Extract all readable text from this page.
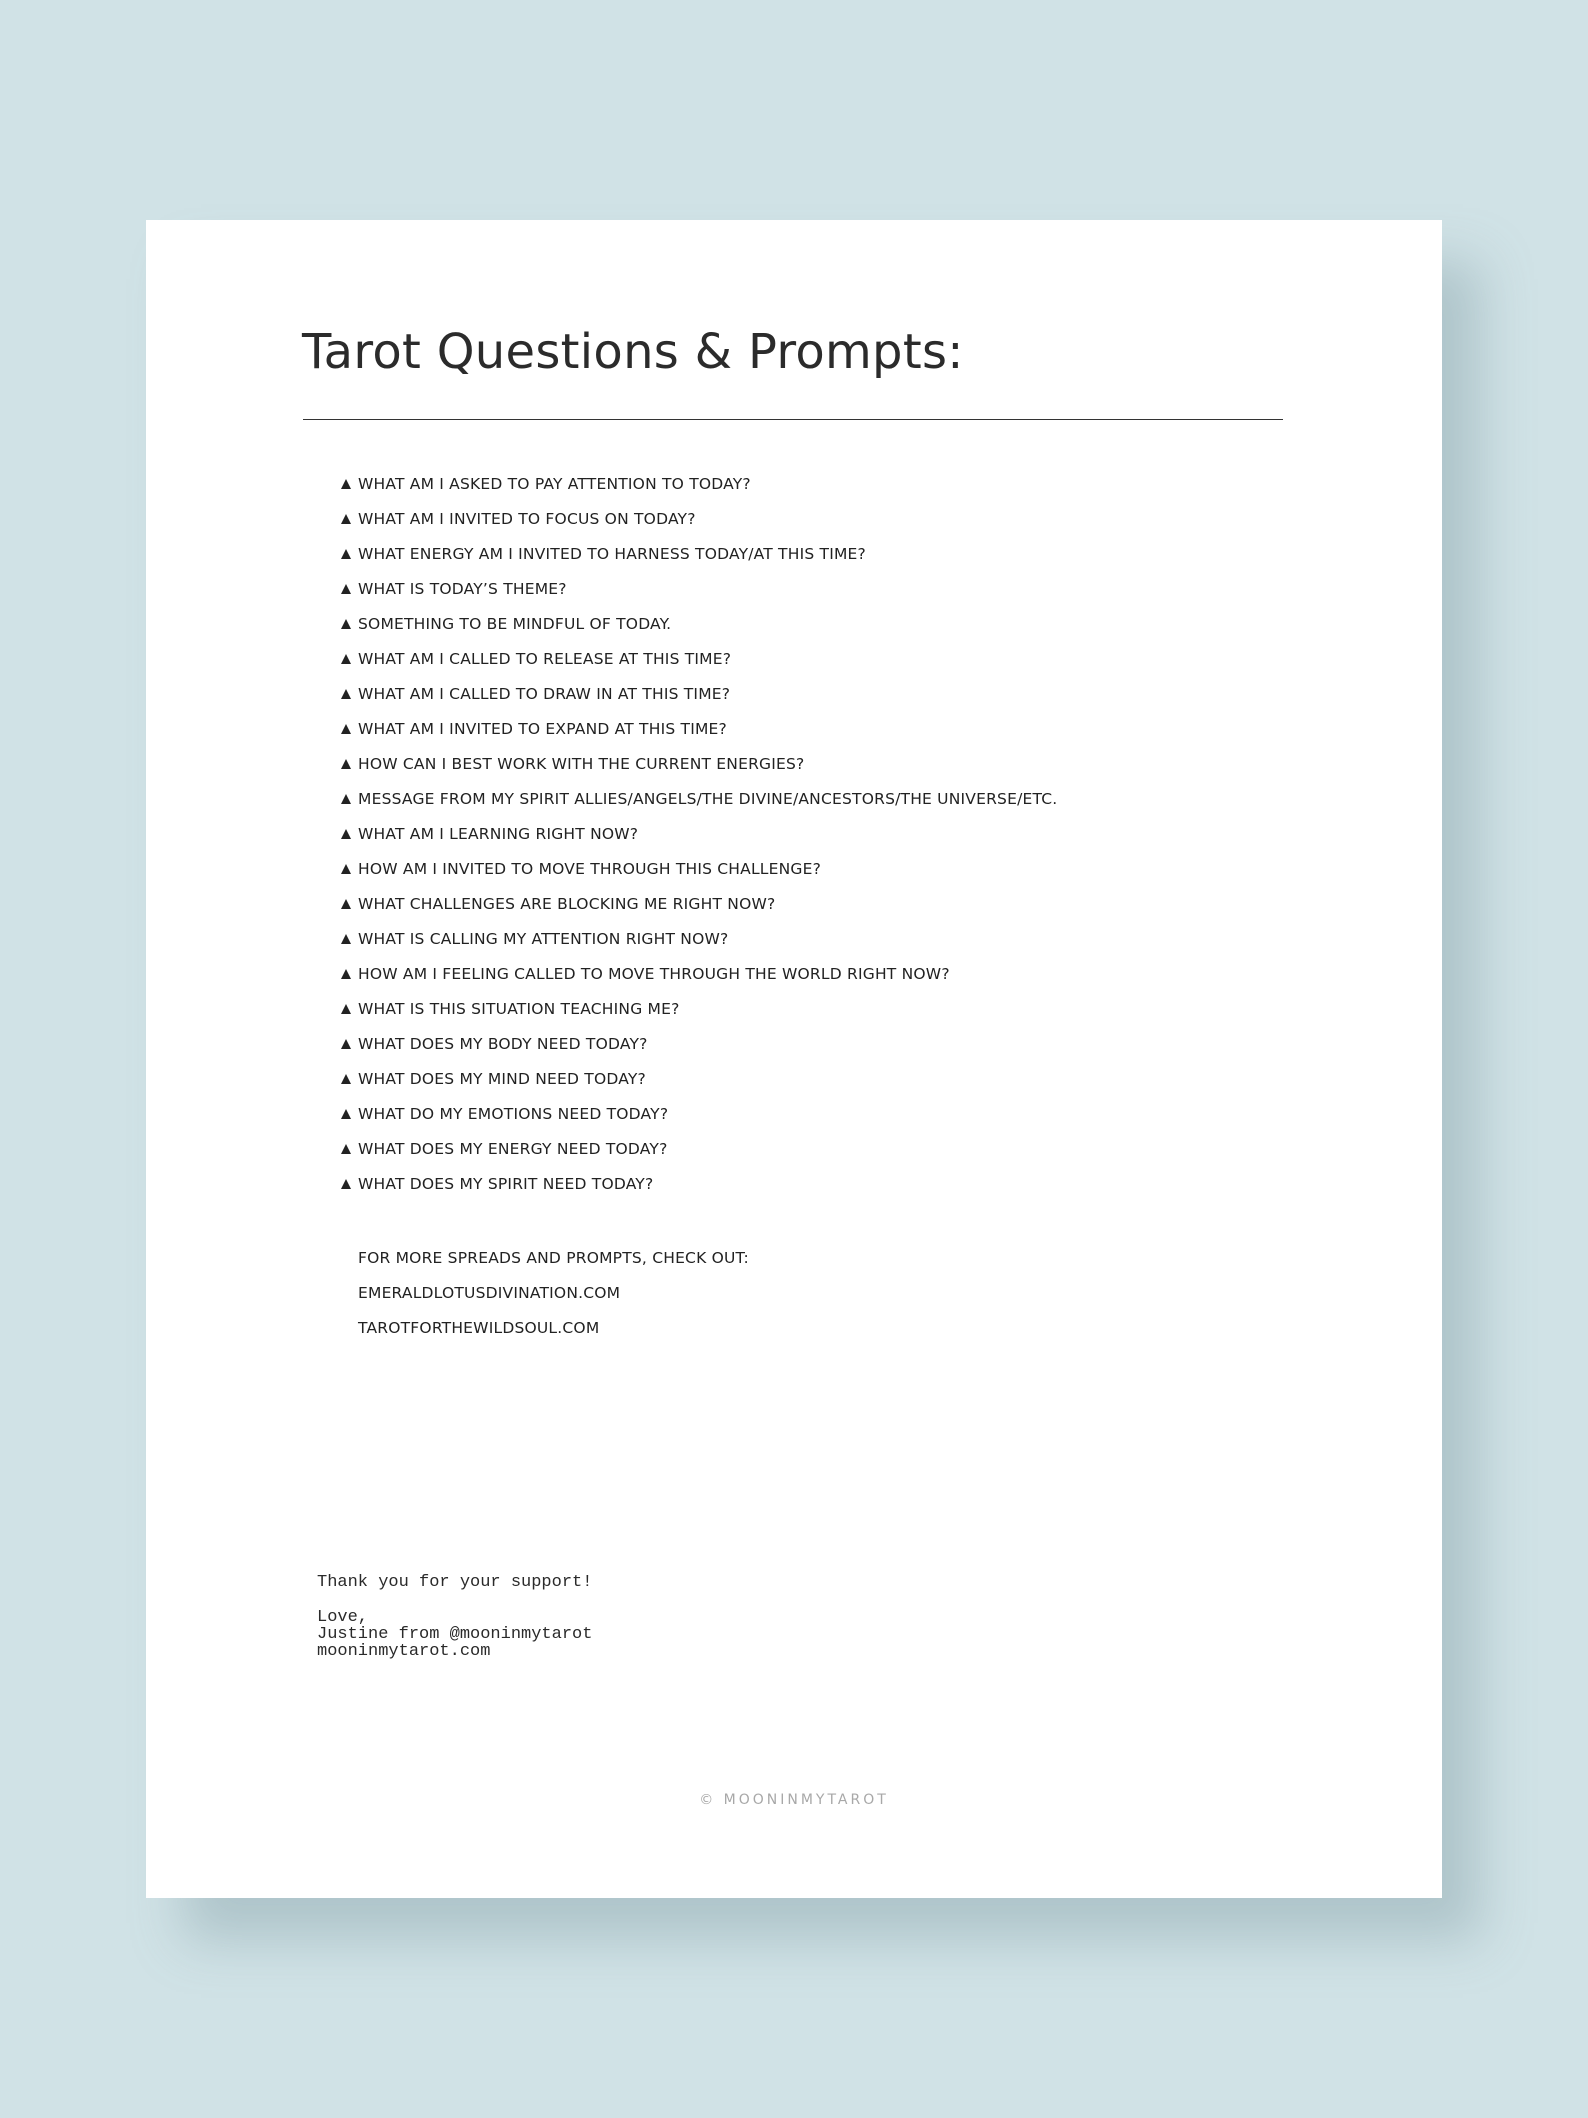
Tarot Questions & Prompts:
WHAT AM I ASKED TO PAY ATTENTION TO TODAY?
WHAT AM I INVITED TO FOCUS ON TODAY?
WHAT ENERGY AM I INVITED TO HARNESS TODAY/AT THIS TIME?
WHAT IS TODAY’S THEME?
SOMETHING TO BE MINDFUL OF TODAY.
WHAT AM I CALLED TO RELEASE AT THIS TIME?
WHAT AM I CALLED TO DRAW IN AT THIS TIME?
WHAT AM I INVITED TO EXPAND AT THIS TIME?
HOW CAN I BEST WORK WITH THE CURRENT ENERGIES?
MESSAGE FROM MY SPIRIT ALLIES/ANGELS/THE DIVINE/ANCESTORS/THE UNIVERSE/ETC.
WHAT AM I LEARNING RIGHT NOW?
HOW AM I INVITED TO MOVE THROUGH THIS CHALLENGE?
WHAT CHALLENGES ARE BLOCKING ME RIGHT NOW?
WHAT IS CALLING MY ATTENTION RIGHT NOW?
HOW AM I FEELING CALLED TO MOVE THROUGH THE WORLD RIGHT NOW?
WHAT IS THIS SITUATION TEACHING ME?
WHAT DOES MY BODY NEED TODAY?
WHAT DOES MY MIND NEED TODAY?
WHAT DO MY EMOTIONS NEED TODAY?
WHAT DOES MY ENERGY NEED TODAY?
WHAT DOES MY SPIRIT NEED TODAY?
FOR MORE SPREADS AND PROMPTS, CHECK OUT:
EMERALDLOTUSDIVINATION.COM
TAROTFORTHEWILDSOUL.COM
Thank you for your support!
Love,
Justine from @mooninmytarot
mooninmytarot.com
© MOONINMYTAROT
